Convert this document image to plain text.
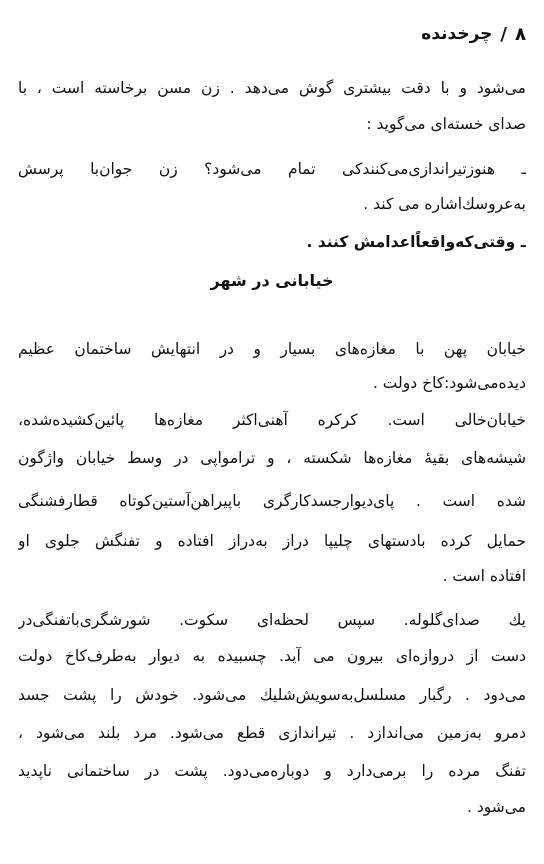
۸
/
چرخدنده
می‌شود و با دقت بیشتری گوش می‌دهد . زن مسن برخاسته است ، با
صدای خسته‌ای می‌گوید :
ـ هنوزتیراندازی‌می‌کنندکی تمام می‌شود؟ زن جوان‌با پرسش
به‌عروسك‌اشاره می کند .
ـ وقتی‌که‌واقعاً‌اعدامش کنند .
خیابانی در شهر
خیابان پهن با مغازه‌های بسیار و در انتهایش ساختمان عظیم
دیده‌می‌شود:کاخ دولت .
خیابان‌خالی است. کرکره آهنی‌اکثر مغازه‌ها پائین‌کشیده‌شده،
شیشه‌های بقیهٔ مغازه‌ها شکسته ، و ترامواپی در وسط خیابان واژگون
شده است . پای‌دیوارجسدکارگری باپیراهن‌آستین‌کوتاه قطارفشنگی
حمایل کرده بادستهای چلیپا دراز به‌در‌از افتاده و تفنگش جلوی او
افتاده است .
یك صدای‌گلوله. سپس لحظه‌ای سکوت. شورشگری‌باتفنگی‌در
دست از دروازه‌ای بیرون می آید. چسبیده به دیوار به‌طرف‌کاخ دولت
می‌دود . رگبار مسلسل‌به‌سویش‌شلیك می‌شود. خودش را پشت جسد
دمرو به‌زمین می‌اندازد . تیراندازی قطع می‌شود. مرد بلند می‌شود ،
تفنگ مرده را برمی‌دارد و دوباره‌می‌دود. پشت در ساختمانی ناپدید
می‌شود .
